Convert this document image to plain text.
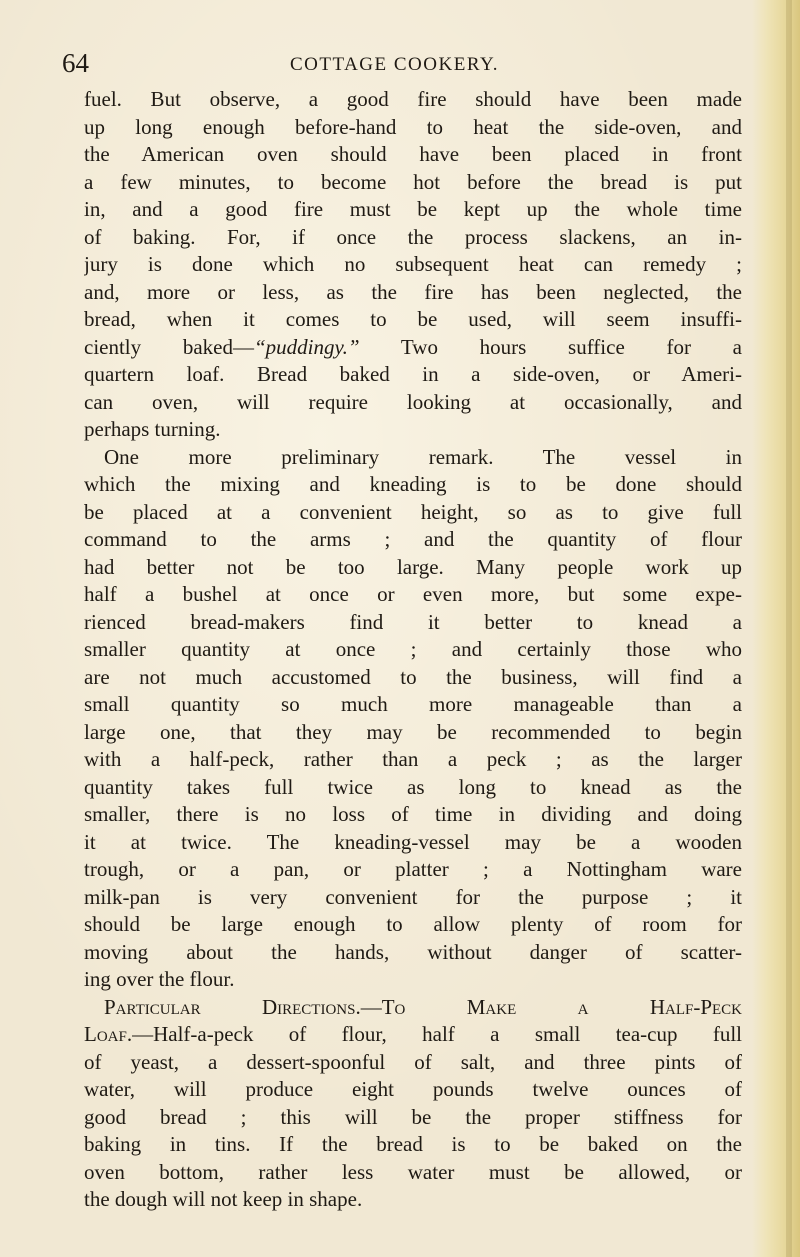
64	COTTAGE COOKERY.
fuel. But observe, a good fire should have been made
up long enough before-hand to heat the side-oven, and
the American oven should have been placed in front
a few minutes, to become hot before the bread is put
in, and a good fire must be kept up the whole time
of baking. For, if once the process slackens, an in-
jury is done which no subsequent heat can remedy ;
and, more or less, as the fire has been neglected, the
bread, when it comes to be used, will seem insuffi-
ciently baked—“puddingy.” Two hours suffice for a
quartern loaf. Bread baked in a side-oven, or Ameri-
can oven, will require looking at occasionally, and
perhaps turning.
One more preliminary remark. The vessel in
which the mixing and kneading is to be done should
be placed at a convenient height, so as to give full
command to the arms ; and the quantity of flour
had better not be too large. Many people work up
half a bushel at once or even more, but some expe-
rienced bread-makers find it better to knead a
smaller quantity at once ; and certainly those who
are not much accustomed to the business, will find a
small quantity so much more manageable than a
large one, that they may be recommended to begin
with a half-peck, rather than a peck ; as the larger
quantity takes full twice as long to knead as the
smaller, there is no loss of time in dividing and doing
it at twice. The kneading-vessel may be a wooden
trough, or a pan, or platter ; a Nottingham ware
milk-pan is very convenient for the purpose ; it
should be large enough to allow plenty of room for
moving about the hands, without danger of scatter-
ing over the flour.
Particular Directions.—To Make a Half-Peck
Loaf.—Half-a-peck of flour, half a small tea-cup full
of yeast, a dessert-spoonful of salt, and three pints of
water, will produce eight pounds twelve ounces of
good bread ; this will be the proper stiffness for
baking in tins. If the bread is to be baked on the
oven bottom, rather less water must be allowed, or
the dough will not keep in shape.
